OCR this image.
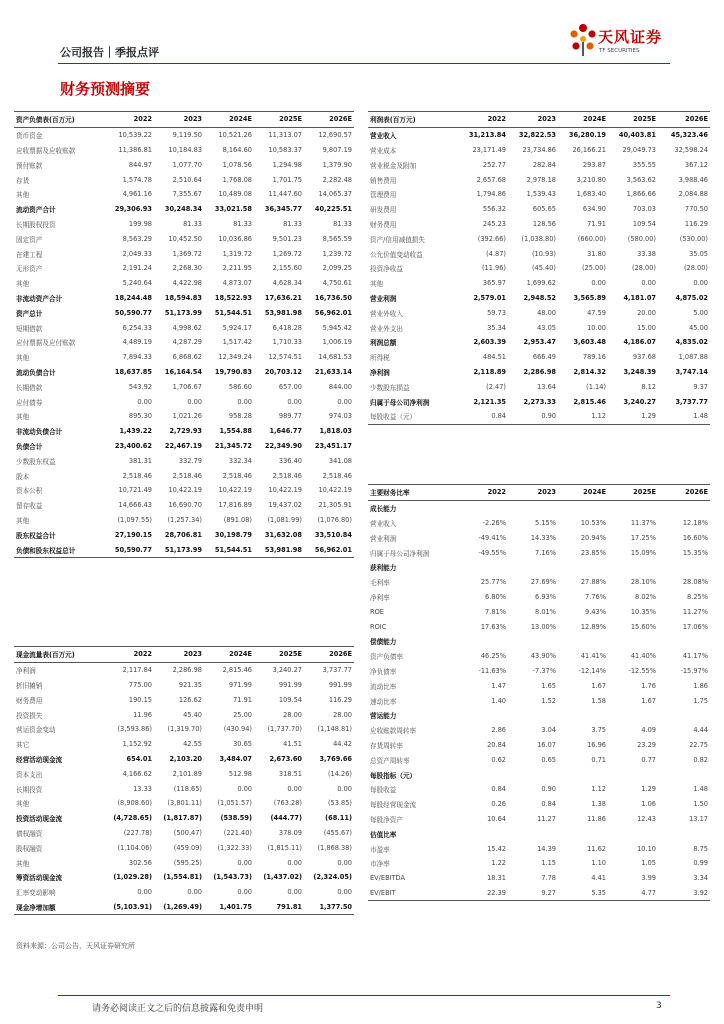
公司报告｜季报点评
天风证券
TF SECURITIES
财务预测摘要
资产负债表(百万元)	2022	2023	2024E	2025E	2026E
货币资金	10,539.22	9,119.50	10,521.26	11,313.07	12,690.57
应收票据及应收账款	11,386.81	10,184.83	8,164.60	10,583.37	9,807.19
预付账款	844.97	1,077.70	1,078.56	1,294.98	1,379.90
存货	1,574.78	2,510.64	1,768.08	1,701.75	2,282.48
其他	4,961.16	7,355.67	10,489.08	11,447.60	14,065.37
流动资产合计	29,306.93	30,248.34	33,021.58	36,345.77	40,225.51
长期股权投资	199.98	81.33	81.33	81.33	81.33
固定资产	8,563.29	10,452.50	10,036.86	9,501.23	8,565.59
在建工程	2,049.33	1,369.72	1,319.72	1,269.72	1,239.72
无形资产	2,191.24	2,268.30	2,211.95	2,155.60	2,099.25
其他	5,240.64	4,422.98	4,873.07	4,628.34	4,750.61
非流动资产合计	18,244.48	18,594.83	18,522.93	17,636.21	16,736.50
资产总计	50,590.77	51,173.99	51,544.51	53,981.98	56,962.01
短期借款	6,254.33	4,998.62	5,924.17	6,418.28	5,945.42
应付票据及应付账款	4,489.19	4,287.29	1,517.42	1,710.33	1,006.19
其他	7,894.33	6,868.62	12,349.24	12,574.51	14,681.53
流动负债合计	18,637.85	16,164.54	19,790.83	20,703.12	21,633.14
长期借款	543.92	1,706.67	586.60	657.00	844.00
应付债券	0.00	0.00	0.00	0.00	0.00
其他	895.30	1,021.26	958.28	989.77	974.03
非流动负债合计	1,439.22	2,729.93	1,554.88	1,646.77	1,818.03
负债合计	23,400.62	22,467.19	21,345.72	22,349.90	23,451.17
少数股东权益	381.31	332.79	332.34	336.40	341.08
股本	2,518.46	2,518.46	2,518.46	2,518.46	2,518.46
资本公积	10,721.49	10,422.19	10,422.19	10,422.19	10,422.19
留存收益	14,666.43	16,690.70	17,816.89	19,437.02	21,305.91
其他	(1,097.55)	(1,257.34)	(891.08)	(1,081.99)	(1,076.80)
股东权益合计	27,190.15	28,706.81	30,198.79	31,632.08	33,510.84
负债和股东权益总计	50,590.77	51,173.99	51,544.51	53,981.98	56,962.01
利润表(百万元)	2022	2023	2024E	2025E	2026E
营业收入	31,213.84	32,822.53	36,280.19	40,403.81	45,323.46
营业成本	23,171.49	23,734.86	26,166.21	29,049.73	32,598.24
营业税金及附加	252.77	282.84	293.87	355.55	367.12
销售费用	2,657.68	2,978.18	3,210.80	3,563.62	3,988.46
管理费用	1,794.86	1,539.43	1,683.40	1,866.66	2,084.88
研发费用	556.32	605.65	634.90	703.03	770.50
财务费用	245.23	128.56	71.91	109.54	116.29
资产/信用减值损失	(392.66)	(1,038.80)	(660.00)	(580.00)	(530.00)
公允价值变动收益	(4.87)	(10.93)	31.80	33.38	35.05
投资净收益	(11.96)	(45.40)	(25.00)	(28.00)	(28.00)
其他	365.97	1,699.62	0.00	0.00	0.00
营业利润	2,579.01	2,948.52	3,565.89	4,181.07	4,875.02
营业外收入	59.73	48.00	47.59	20.00	5.00
营业外支出	35.34	43.05	10.00	15.00	45.00
利润总额	2,603.39	2,953.47	3,603.48	4,186.07	4,835.02
所得税	484.51	666.49	789.16	937.68	1,087.88
净利润	2,118.89	2,286.98	2,814.32	3,248.39	3,747.14
少数股东损益	(2.47)	13.64	(1.14)	8.12	9.37
归属于母公司净利润	2,121.35	2,273.33	2,815.46	3,240.27	3,737.77
每股收益（元）	0.84	0.90	1.12	1.29	1.48
主要财务比率	2022	2023	2024E	2025E	2026E
成长能力					
营业收入	-2.26%	5.15%	10.53%	11.37%	12.18%
营业利润	-49.41%	14.33%	20.94%	17.25%	16.60%
归属于母公司净利润	-49.55%	7.16%	23.85%	15.09%	15.35%
获利能力					
毛利率	25.77%	27.69%	27.88%	28.10%	28.08%
净利率	6.80%	6.93%	7.76%	8.02%	8.25%
ROE	7.81%	8.01%	9.43%	10.35%	11.27%
ROIC	17.63%	13.00%	12.89%	15.60%	17.06%
偿债能力					
资产负债率	46.25%	43.90%	41.41%	41.40%	41.17%
净负债率	-11.63%	-7.37%	-12.14%	-12.55%	-15.97%
流动比率	1.47	1.65	1.67	1.76	1.86
速动比率	1.40	1.52	1.58	1.67	1.75
营运能力					
应收账款周转率	2.86	3.04	3.75	4.09	4.44
存货周转率	20.84	16.07	16.96	23.29	22.75
总资产周转率	0.62	0.65	0.71	0.77	0.82
每股指标（元）					
每股收益	0.84	0.90	1.12	1.29	1.48
每股经营现金流	0.26	0.84	1.38	1.06	1.50
每股净资产	10.64	11.27	11.86	12.43	13.17
估值比率					
市盈率	15.42	14.39	11.62	10.10	8.75
市净率	1.22	1.15	1.10	1.05	0.99
EV/EBITDA	18.31	7.78	4.41	3.99	3.34
EV/EBIT	22.39	9.27	5.35	4.77	3.92
现金流量表(百万元)	2022	2023	2024E	2025E	2026E
净利润	2,117.84	2,286.98	2,815.46	3,240.27	3,737.77
折旧摊销	775.00	921.35	971.99	991.99	991.99
财务费用	190.15	126.62	71.91	109.54	116.29
投资损失	11.96	45.40	25.00	28.00	28.00
营运资金变动	(3,593.86)	(1,319.70)	(430.94)	(1,737.70)	(1,148.81)
其它	1,152.92	42.55	30.65	41.51	44.42
经营活动现金流	654.01	2,103.20	3,484.07	2,673.60	3,769.66
资本支出	4,166.62	2,101.89	512.98	318.51	(14.26)
长期投资	13.33	(118.65)	0.00	0.00	0.00
其他	(8,908.60)	(3,801.11)	(1,051.57)	(763.28)	(53.85)
投资活动现金流	(4,728.65)	(1,817.87)	(538.59)	(444.77)	(68.11)
债权融资	(227.78)	(500.47)	(221.40)	378.09	(455.67)
股权融资	(1,104.06)	(459.09)	(1,322.33)	(1,815.11)	(1,868.38)
其他	302.56	(595.25)	0.00	0.00	0.00
筹资活动现金流	(1,029.28)	(1,554.81)	(1,543.73)	(1,437.02)	(2,324.05)
汇率变动影响	0.00	0.00	0.00	0.00	0.00
现金净增加额	(5,103.91)	(1,269.49)	1,401.75	791.81	1,377.50
资料来源：公司公告，天风证券研究所
请务必阅读正文之后的信息披露和免责申明	3
